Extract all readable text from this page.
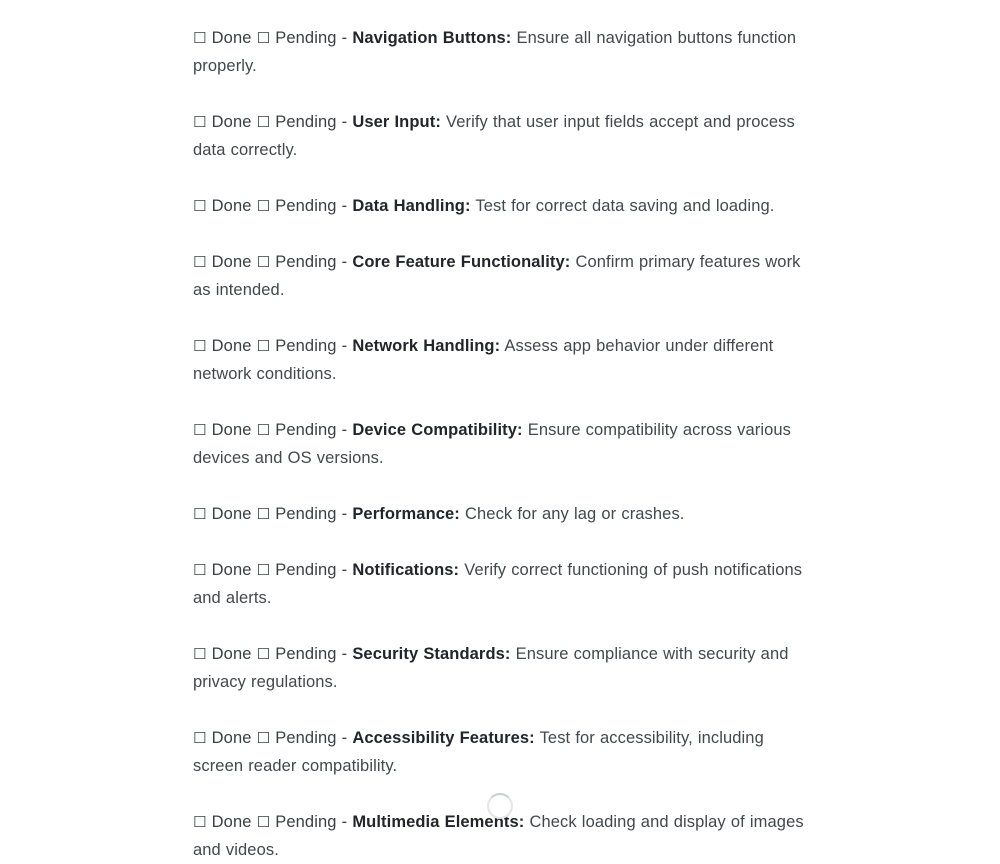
☐ Done ☐ Pending - Navigation Buttons: Ensure all navigation buttons function properly.

☐ Done ☐ Pending - User Input: Verify that user input fields accept and process data correctly.

☐ Done ☐ Pending - Data Handling: Test for correct data saving and loading.

☐ Done ☐ Pending - Core Feature Functionality: Confirm primary features work as intended.

☐ Done ☐ Pending - Network Handling: Assess app behavior under different network conditions.

☐ Done ☐ Pending - Device Compatibility: Ensure compatibility across various devices and OS versions.

☐ Done ☐ Pending - Performance: Check for any lag or crashes.

☐ Done ☐ Pending - Notifications: Verify correct functioning of push notifications and alerts.

☐ Done ☐ Pending - Security Standards: Ensure compliance with security and privacy regulations.

☐ Done ☐ Pending - Accessibility Features: Test for accessibility, including screen reader compatibility.

☐ Done ☐ Pending - Multimedia Elements: Check loading and display of images and videos.
